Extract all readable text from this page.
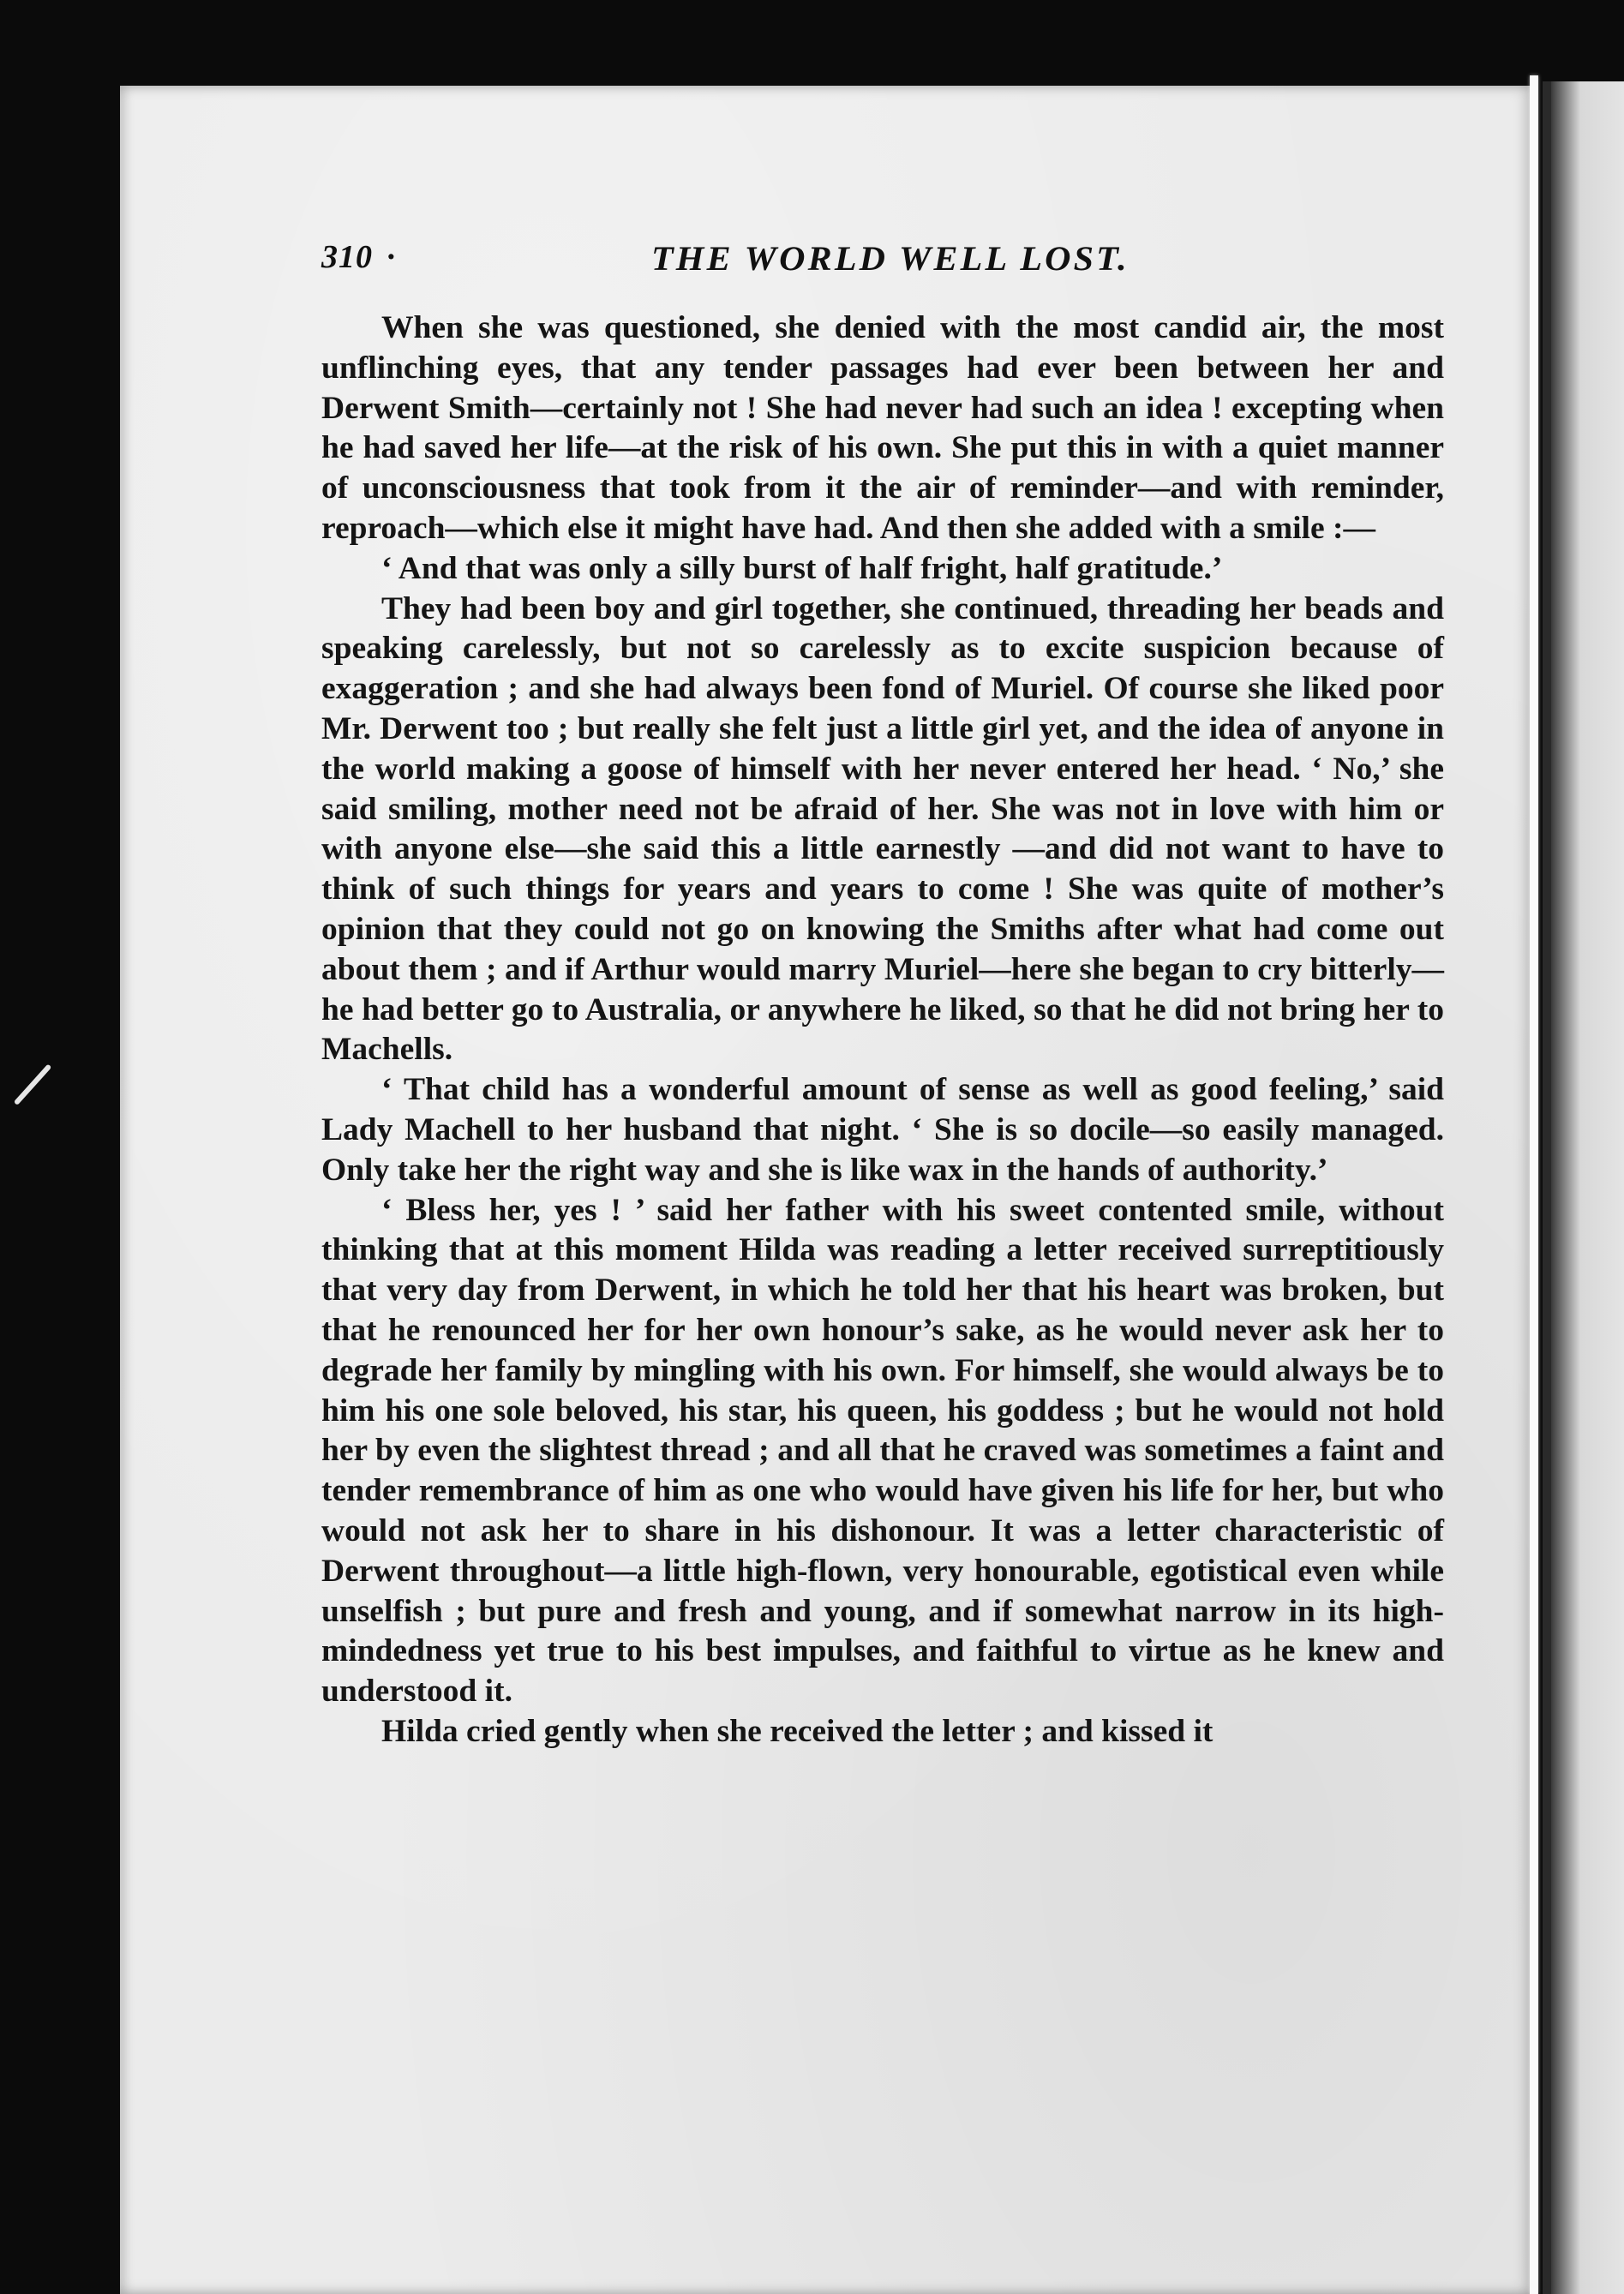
310 ·	THE WORLD WELL LOST.

When she was questioned, she denied with the most candid air, the most unflinching eyes, that any tender passages had ever been between her and Derwent Smith—certainly not ! She had never had such an idea ! excepting when he had saved her life—at the risk of his own. She put this in with a quiet manner of unconsciousness that took from it the air of reminder—and with reminder, reproach—which else it might have had. And then she added with a smile :—

‘ And that was only a silly burst of half fright, half gratitude.’

They had been boy and girl together, she continued, threading her beads and speaking carelessly, but not so carelessly as to excite suspicion because of exaggeration ; and she had always been fond of Muriel. Of course she liked poor Mr. Derwent too ; but really she felt just a little girl yet, and the idea of anyone in the world making a goose of himself with her never entered her head. ‘ No,’ she said smiling, mother need not be afraid of her. She was not in love with him or with anyone else—she said this a little earnestly —and did not want to have to think of such things for years and years to come ! She was quite of mother’s opinion that they could not go on knowing the Smiths after what had come out about them ; and if Arthur would marry Muriel—here she began to cry bitterly—he had better go to Australia, or anywhere he liked, so that he did not bring her to Machells.

‘ That child has a wonderful amount of sense as well as good feeling,’ said Lady Machell to her husband that night. ‘ She is so docile—so easily managed. Only take her the right way and she is like wax in the hands of authority.’

‘ Bless her, yes ! ’ said her father with his sweet contented smile, without thinking that at this moment Hilda was reading a letter received surreptitiously that very day from Derwent, in which he told her that his heart was broken, but that he renounced her for her own honour’s sake, as he would never ask her to degrade her family by mingling with his own. For himself, she would always be to him his one sole beloved, his star, his queen, his goddess ; but he would not hold her by even the slightest thread ; and all that he craved was sometimes a faint and tender remembrance of him as one who would have given his life for her, but who would not ask her to share in his dishonour. It was a letter characteristic of Derwent throughout—a little high-flown, very honourable, egotistical even while unselfish ; but pure and fresh and young, and if somewhat narrow in its high-mindedness yet true to his best impulses, and faithful to virtue as he knew and understood it.

Hilda cried gently when she received the letter ; and kissed it
